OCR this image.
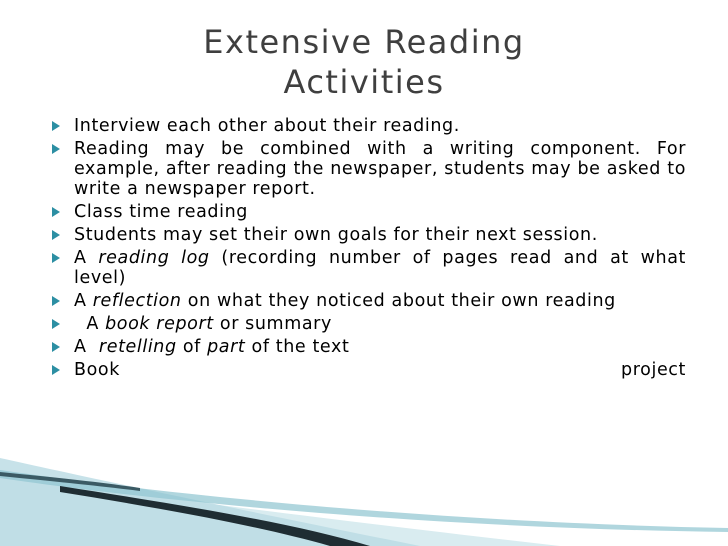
Extensive Reading
Activities
Interview each other about their reading.
Reading may be combined with a writing component. For example, after reading the newspaper, students may be asked to write a newspaper report.
Class time reading
Students may set their own goals for their next session.
A reading log (recording number of pages read and at what level)
A reflection on what they noticed about their own reading
A book report or summary
A  retelling of part of the text
Book project
